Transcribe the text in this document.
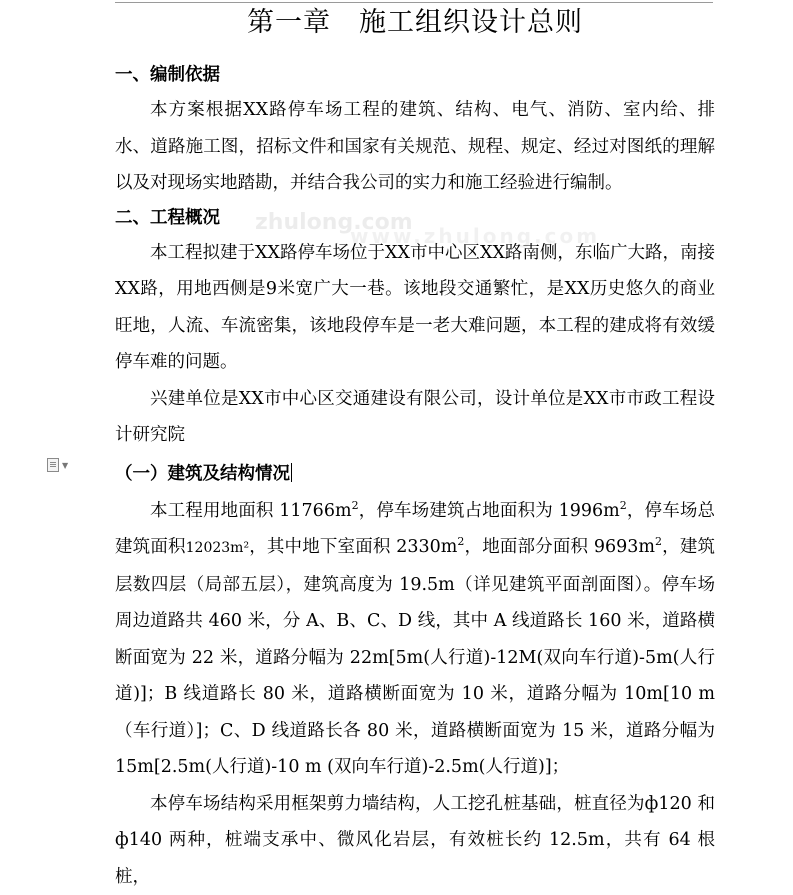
zhulong.com
www.zhulong.com
▼
第一章　施工组织设计总则
一、编制依据

本方案根据XX路停车场工程的建筑、结构、电气、消防、室内给、排水、道路施工图，招标文件和国家有关规范、规程、规定、经过对图纸的理解以及对现场实地踏勘，并结合我公司的实力和施工经验进行编制。

二、工程概况

本工程拟建于XX路停车场位于XX市中心区XX路南侧，东临广大路，南接XX路，用地西侧是9米宽广大一巷。该地段交通繁忙，是XX历史悠久的商业旺地，人流、车流密集，该地段停车是一老大难问题，本工程的建成将有效缓停车难的问题。

兴建单位是XX市中心区交通建设有限公司，设计单位是XX市市政工程设计研究院

（一）建筑及结构情况

本工程用地面积 $11766m^2$，停车场建筑占地面积为 $1996m^2$，停车场总建筑面积12023m²，其中地下室面积 $2330m^2$，地面部分面积 $9693m^2$，建筑层数四层（局部五层），建筑高度为 19.5m（详见建筑平面剖面图）。停车场周边道路共 460 米，分 A、B、C、D 线，其中 A 线道路长 160 米，道路横断面宽为 22 米，道路分幅为 22m[5m(人行道)-12M(双向车行道)-5m(人行道)]；B 线道路长 80 米，道路横断面宽为 10 米，道路分幅为 10m[10 m（车行道）]；C、D 线道路长各 80 米，道路横断面宽为 15 米，道路分幅为15m[2.5m(人行道)-10 m (双向车行道)-2.5m(人行道)]；

本停车场结构采用框架剪力墙结构，人工挖孔桩基础，桩直径为ф120 和ф140 两种，桩端支承中、微风化岩层，有效桩长约 12.5m，共有 64 根桩，
